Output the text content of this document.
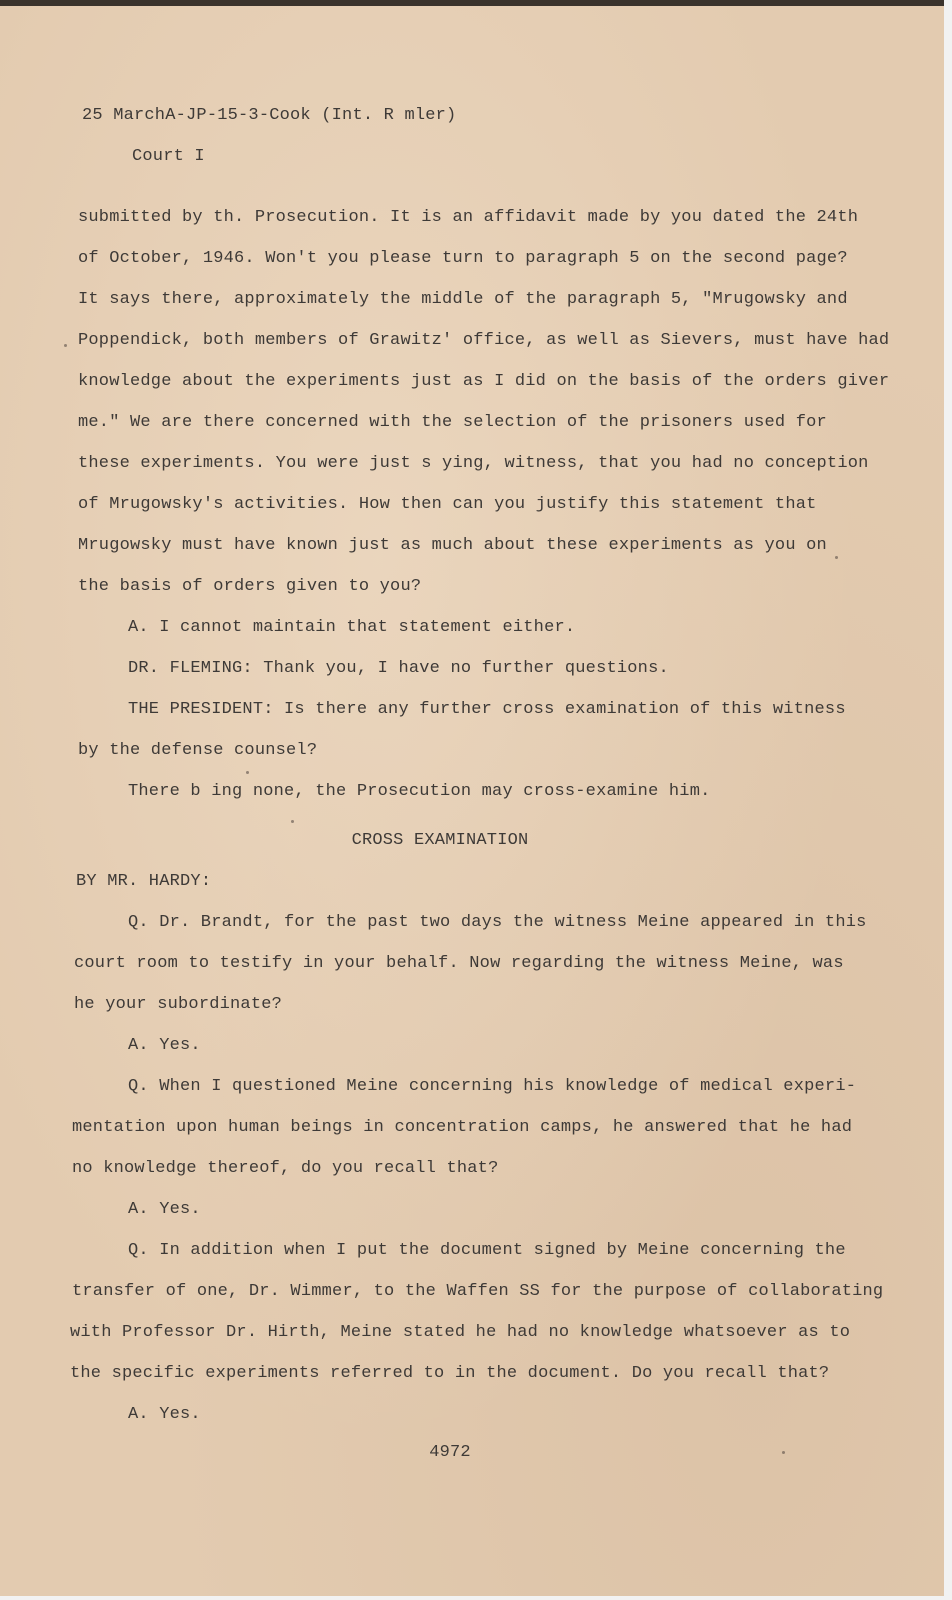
25 MarchA-JP-15-3-Cook (Int. R mler)
Court I
submitted by th. Prosecution. It is an affidavit made by you dated the 24th
of October, 1946. Won't you please turn to paragraph 5 on the second page?
It says there, approximately the middle of the paragraph 5, "Mrugowsky and
Poppendick, both members of Grawitz' office, as well as Sievers, must have had
knowledge about the experiments just as I did on the basis of the orders giver
me." We are there concerned with the selection of the prisoners used for
these experiments. You were just s ying, witness, that you had no conception
of Mrugowsky's activities. How then can you justify this statement that
Mrugowsky must have known just as much about these experiments as you on
the basis of orders given to you?
A. I cannot maintain that statement either.
DR. FLEMING: Thank you, I have no further questions.
THE PRESIDENT: Is there any further cross examination of this witness
by the defense counsel?
There b ing none, the Prosecution may cross-examine him.
CROSS EXAMINATION
BY MR. HARDY:
Q. Dr. Brandt, for the past two days the witness Meine appeared in this
court room to testify in your behalf. Now regarding the witness Meine, was
he your subordinate?
A. Yes.
Q. When I questioned Meine concerning his knowledge of medical experi-
mentation upon human beings in concentration camps, he answered that he had
no knowledge thereof, do you recall that?
A. Yes.
Q. In addition when I put the document signed by Meine concerning the
transfer of one, Dr. Wimmer, to the Waffen SS for the purpose of collaborating
with Professor Dr. Hirth, Meine stated he had no knowledge whatsoever as to
the specific experiments referred to in the document. Do you recall that?
A. Yes.
4972
